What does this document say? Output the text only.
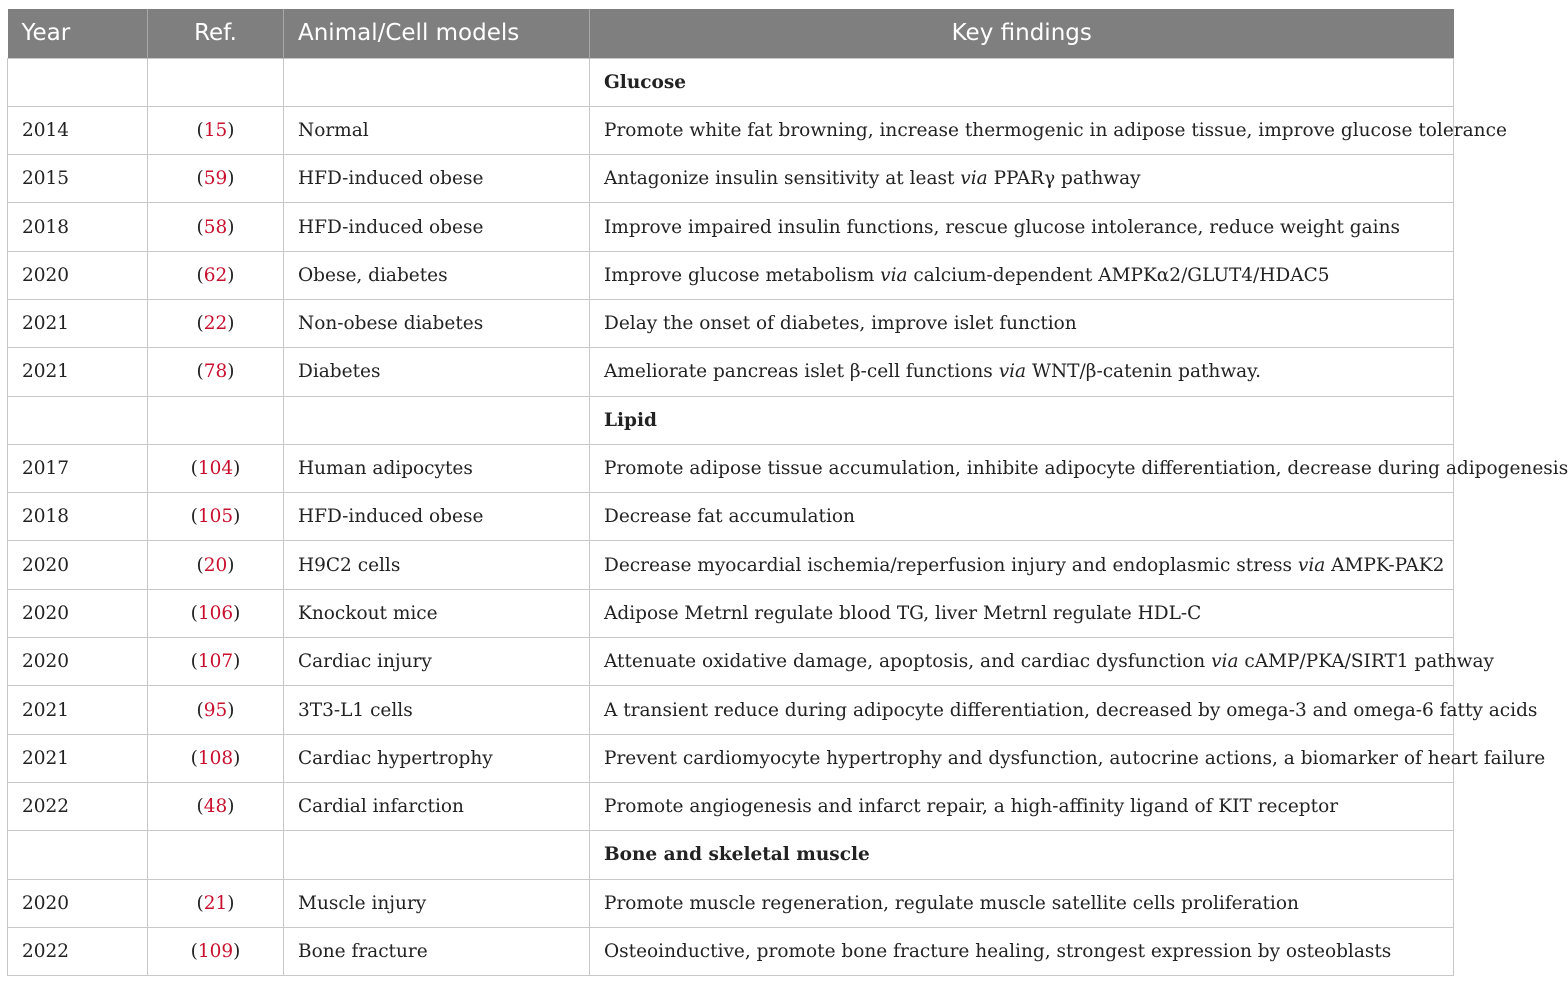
Year	Ref.	Animal/Cell models	Key findings
			Glucose
2014	(15)	Normal	Promote white fat browning, increase thermogenic in adipose tissue, improve glucose tolerance
2015	(59)	HFD-induced obese	Antagonize insulin sensitivity at least via PPARγ pathway
2018	(58)	HFD-induced obese	Improve impaired insulin functions, rescue glucose intolerance, reduce weight gains
2020	(62)	Obese, diabetes	Improve glucose metabolism via calcium-dependent AMPKα2/GLUT4/HDAC5
2021	(22)	Non-obese diabetes	Delay the onset of diabetes, improve islet function
2021	(78)	Diabetes	Ameliorate pancreas islet β-cell functions via WNT/β-catenin pathway.
			Lipid
2017	(104)	Human adipocytes	Promote adipose tissue accumulation, inhibite adipocyte differentiation, decrease during adipogenesis
2018	(105)	HFD-induced obese	Decrease fat accumulation
2020	(20)	H9C2 cells	Decrease myocardial ischemia/reperfusion injury and endoplasmic stress via AMPK-PAK2
2020	(106)	Knockout mice	Adipose Metrnl regulate blood TG, liver Metrnl regulate HDL-C
2020	(107)	Cardiac injury	Attenuate oxidative damage, apoptosis, and cardiac dysfunction via cAMP/PKA/SIRT1 pathway
2021	(95)	3T3-L1 cells	A transient reduce during adipocyte differentiation, decreased by omega-3 and omega-6 fatty acids
2021	(108)	Cardiac hypertrophy	Prevent cardiomyocyte hypertrophy and dysfunction, autocrine actions, a biomarker of heart failure
2022	(48)	Cardial infarction	Promote angiogenesis and infarct repair, a high-affinity ligand of KIT receptor
			Bone and skeletal muscle
2020	(21)	Muscle injury	Promote muscle regeneration, regulate muscle satellite cells proliferation
2022	(109)	Bone fracture	Osteoinductive, promote bone fracture healing, strongest expression by osteoblasts
